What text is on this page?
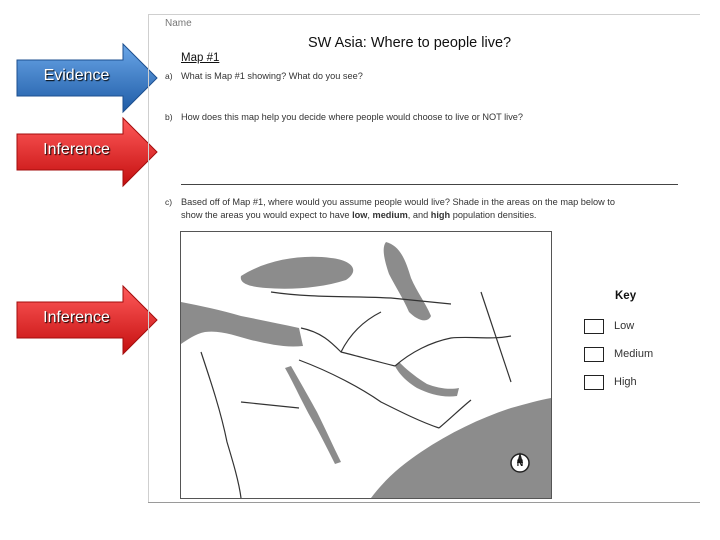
Evidence
Inference
Inference
Name
SW Asia: Where to people live?
Map #1
a) What is Map #1 showing? What do you see?
b) How does this map help you decide where people would choose to live or NOT live?
c) Based off of Map #1, where would you assume people would live? Shade in the areas on the map below to
show the areas you would expect to have low, medium, and high population densities.
N
Key
Low
Medium
High
